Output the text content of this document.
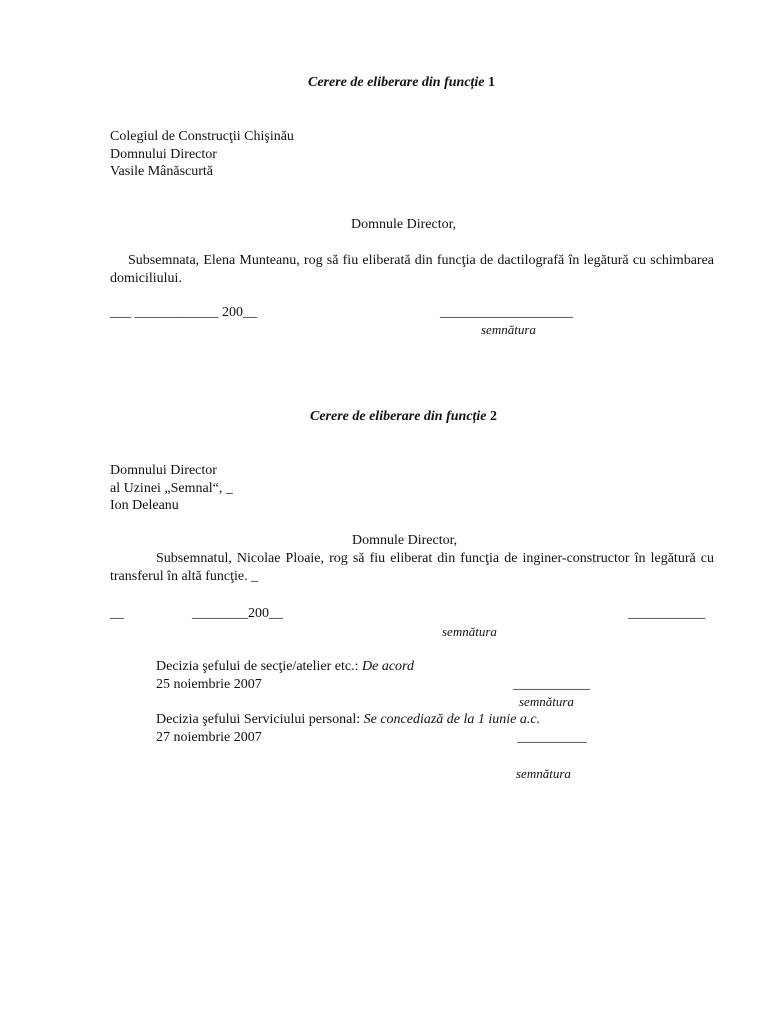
Cerere de eliberare din funcție 1
Colegiul de Construcţii Chişinău
Domnului Director
Vasile Mânăscurtă
Domnule Director,
Subsemnata, Elena Munteanu, rog să fiu eliberată din funcţia de dactilografă în legătură cu schimbarea domiciliului.
___ ____________ 200__	___________________
semnătura
Cerere de eliberare din funcție 2
Domnului Director
al Uzinei „Semnal“, _
Ion Deleanu
Domnule Director,
Subsemnatul, Nicolae Ploaie, rog să fiu eliberat din funcţia de inginer-constructor în legătură cu transferul în altă funcţie. _
__	________200__	___________
semnătura
Decizia şefului de secţie/atelier etc.: De acord
25 noiembrie 2007	___________
semnătura
Decizia şefului Serviciului personal: Se concediază de la 1 iunie a.c.
27 noiembrie 2007	__________
semnătura
